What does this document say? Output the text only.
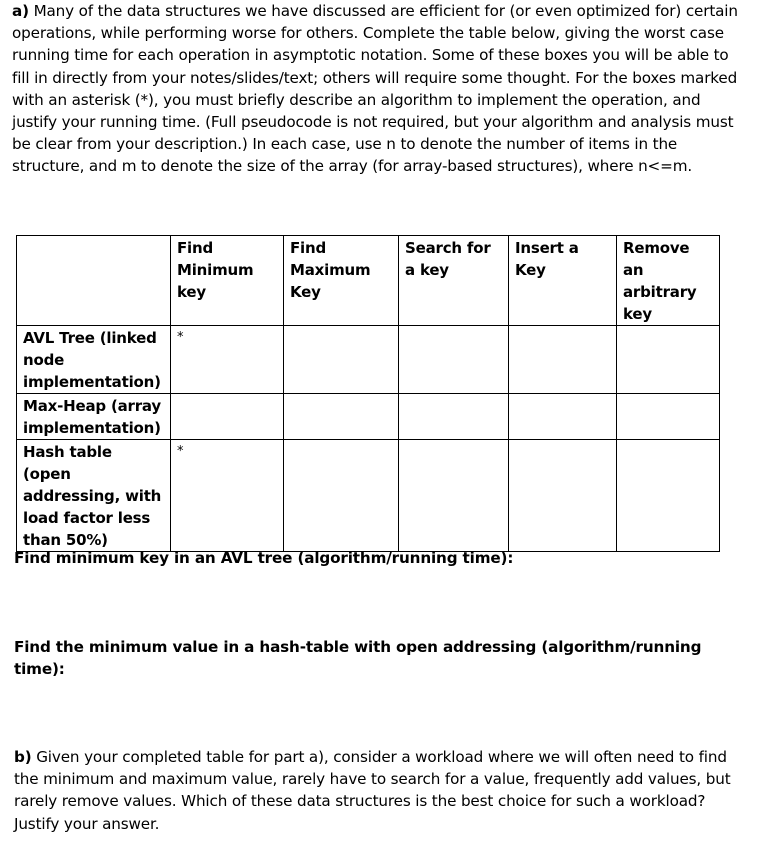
a) Many of the data structures we have discussed are efficient for (or even optimized for) certain operations, while performing worse for others. Complete the table below, giving the worst case running time for each operation in asymptotic notation. Some of these boxes you will be able to fill in directly from your notes/slides/text; others will require some thought. For the boxes marked with an asterisk (*), you must briefly describe an algorithm to implement the operation, and justify your running time. (Full pseudocode is not required, but your algorithm and analysis must be clear from your description.) In each case, use n to denote the number of items in the structure, and m to denote the size of the array (for array-based structures), where n<=m.
	Find Minimum key	Find Maximum Key	Search for a key	Insert a Key	Remove an arbitrary key
AVL Tree (linked node implementation)	*				
Max-Heap (array implementation)					
Hash table (open addressing, with load factor less than 50%)	*				
Find minimum key in an AVL tree (algorithm/running time):
Find the minimum value in a hash-table with open addressing (algorithm/running time):
b) Given your completed table for part a), consider a workload where we will often need to find the minimum and maximum value, rarely have to search for a value, frequently add values, but rarely remove values. Which of these data structures is the best choice for such a workload? Justify your answer.
